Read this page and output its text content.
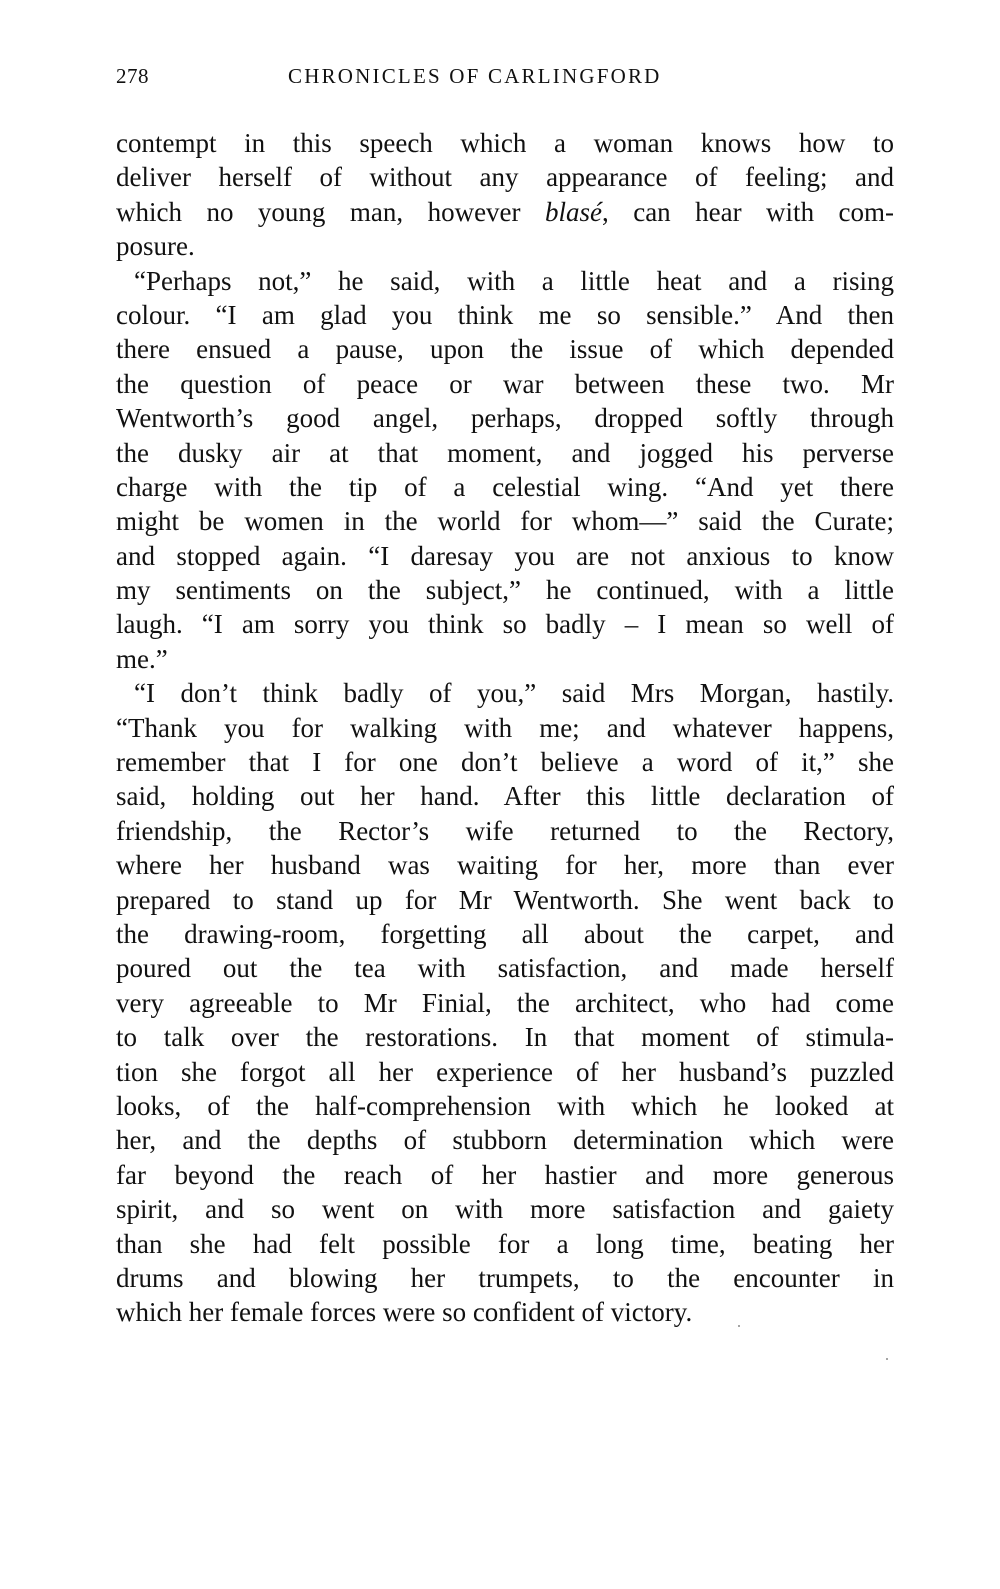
278	CHRONICLES OF CARLINGFORD
contempt in this speech which a woman knows how to
deliver herself of without any appearance of feeling; and
which no young man, however blasé, can hear with com-
posure.
“Perhaps not,” he said, with a little heat and a rising
colour. “I am glad you think me so sensible.” And then
there ensued a pause, upon the issue of which depended
the question of peace or war between these two. Mr
Wentworth’s good angel, perhaps, dropped softly through
the dusky air at that moment, and jogged his perverse
charge with the tip of a celestial wing. “And yet there
might be women in the world for whom—” said the Curate;
and stopped again. “I daresay you are not anxious to know
my sentiments on the subject,” he continued, with a little
laugh. “I am sorry you think so badly – I mean so well of
me.”
“I don’t think badly of you,” said Mrs Morgan, hastily.
“Thank you for walking with me; and whatever happens,
remember that I for one don’t believe a word of it,” she
said, holding out her hand. After this little declaration of
friendship, the Rector’s wife returned to the Rectory,
where her husband was waiting for her, more than ever
prepared to stand up for Mr Wentworth. She went back to
the drawing-room, forgetting all about the carpet, and
poured out the tea with satisfaction, and made herself
very agreeable to Mr Finial, the architect, who had come
to talk over the restorations. In that moment of stimula-
tion she forgot all her experience of her husband’s puzzled
looks, of the half-comprehension with which he looked at
her, and the depths of stubborn determination which were
far beyond the reach of her hastier and more generous
spirit, and so went on with more satisfaction and gaiety
than she had felt possible for a long time, beating her
drums and blowing her trumpets, to the encounter in
which her female forces were so confident of victory.
